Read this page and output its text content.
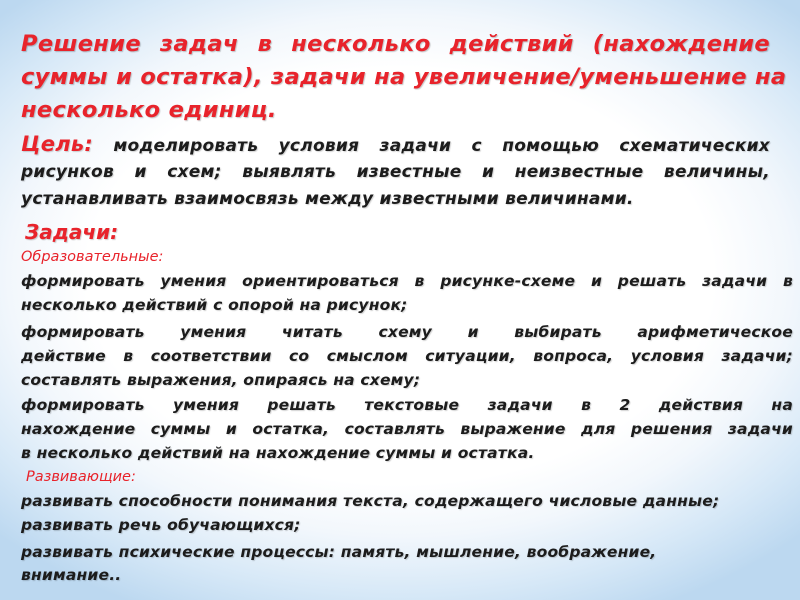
Решение задач в несколько действий (нахождение

суммы и остатка), задачи на увеличение/уменьшение на

несколько единиц.

Цель: моделировать условия задачи с помощью схематических

рисунков и схем; выявлять известные и неизвестные величины,

устанавливать взаимосвязь между известными величинами.

Задачи:

Образовательные:

формировать умения ориентироваться в рисунке-схеме и решать задачи в

несколько действий с опорой на рисунок;

формировать умения читать схему и выбирать арифметическое

действие в соответствии со смыслом ситуации, вопроса, условия задачи;

составлять выражения, опираясь на схему;

формировать умения решать текстовые задачи в 2 действия на

нахождение суммы и остатка, составлять выражение для решения задачи

в несколько действий на нахождение суммы и остатка.

Развивающие:

развивать способности понимания текста, содержащего числовые данные;

развивать речь обучающихся;

развивать психические процессы: память, мышление, воображение,

внимание..
